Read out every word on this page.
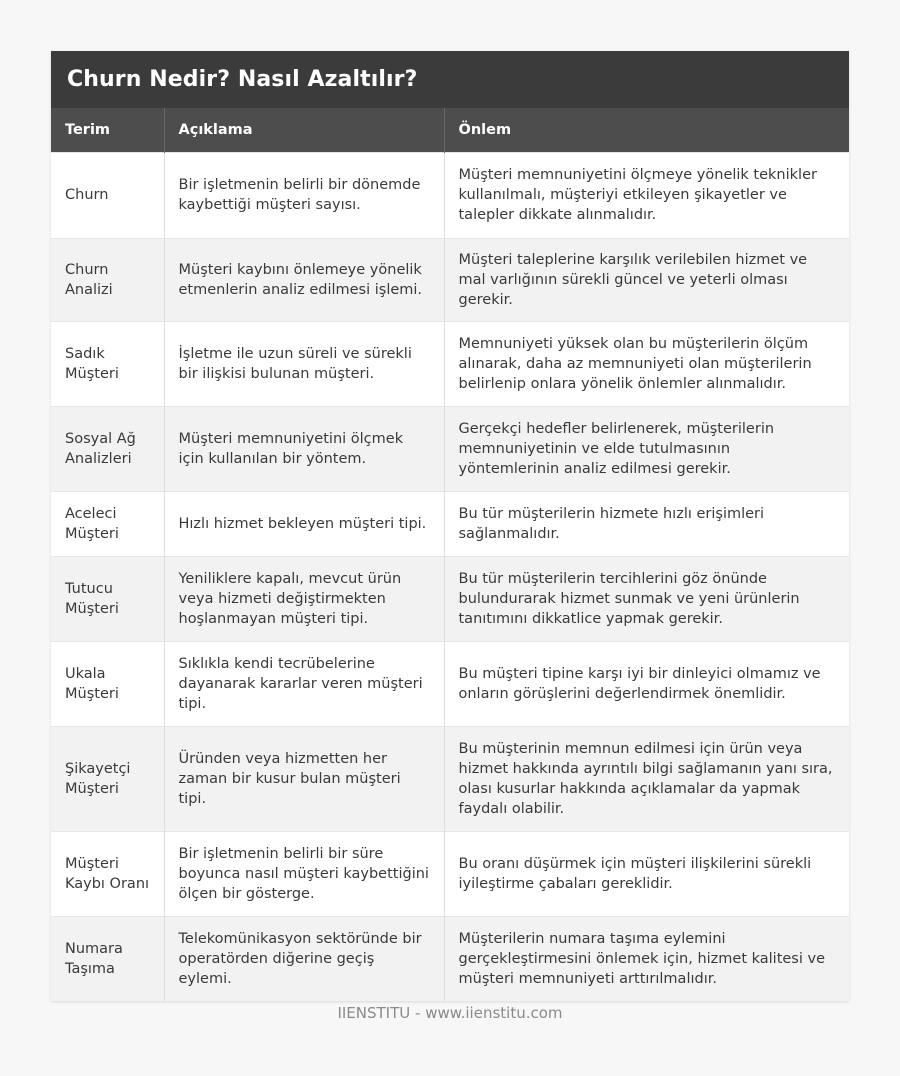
Churn Nedir? Nasıl Azaltılır?
Terim	Açıklama	Önlem
Churn	Bir işletmenin belirli bir dönemde kaybettiği müşteri sayısı.	Müşteri memnuniyetini ölçmeye yönelik teknikler kullanılmalı, müşteriyi etkileyen şikayetler ve talepler dikkate alınmalıdır.
Churn Analizi	Müşteri kaybını önlemeye yönelik etmenlerin analiz edilmesi işlemi.	Müşteri taleplerine karşılık verilebilen hizmet ve mal varlığının sürekli güncel ve yeterli olması gerekir.
Sadık Müşteri	İşletme ile uzun süreli ve sürekli bir ilişkisi bulunan müşteri.	Memnuniyeti yüksek olan bu müşterilerin ölçüm alınarak, daha az memnuniyeti olan müşterilerin belirlenip onlara yönelik önlemler alınmalıdır.
Sosyal Ağ Analizleri	Müşteri memnuniyetini ölçmek için kullanılan bir yöntem.	Gerçekçi hedefler belirlenerek, müşterilerin memnuniyetinin ve elde tutulmasının yöntemlerinin analiz edilmesi gerekir.
Aceleci Müşteri	Hızlı hizmet bekleyen müşteri tipi.	Bu tür müşterilerin hizmete hızlı erişimleri sağlanmalıdır.
Tutucu Müşteri	Yeniliklere kapalı, mevcut ürün veya hizmeti değiştirmekten hoşlanmayan müşteri tipi.	Bu tür müşterilerin tercihlerini göz önünde bulundurarak hizmet sunmak ve yeni ürünlerin tanıtımını dikkatlice yapmak gerekir.
Ukala Müşteri	Sıklıkla kendi tecrübelerine dayanarak kararlar veren müşteri tipi.	Bu müşteri tipine karşı iyi bir dinleyici olmamız ve onların görüşlerini değerlendirmek önemlidir.
Şikayetçi Müşteri	Üründen veya hizmetten her zaman bir kusur bulan müşteri tipi.	Bu müşterinin memnun edilmesi için ürün veya hizmet hakkında ayrıntılı bilgi sağlamanın yanı sıra, olası kusurlar hakkında açıklamalar da yapmak faydalı olabilir.
Müşteri Kaybı Oranı	Bir işletmenin belirli bir süre boyunca nasıl müşteri kaybettiğini ölçen bir gösterge.	Bu oranı düşürmek için müşteri ilişkilerini sürekli iyileştirme çabaları gereklidir.
Numara Taşıma	Telekomünikasyon sektöründe bir operatörden diğerine geçiş eylemi.	Müşterilerin numara taşıma eylemini gerçekleştirmesini önlemek için, hizmet kalitesi ve müşteri memnuniyeti arttırılmalıdır.
IIENSTITU - www.iienstitu.com
